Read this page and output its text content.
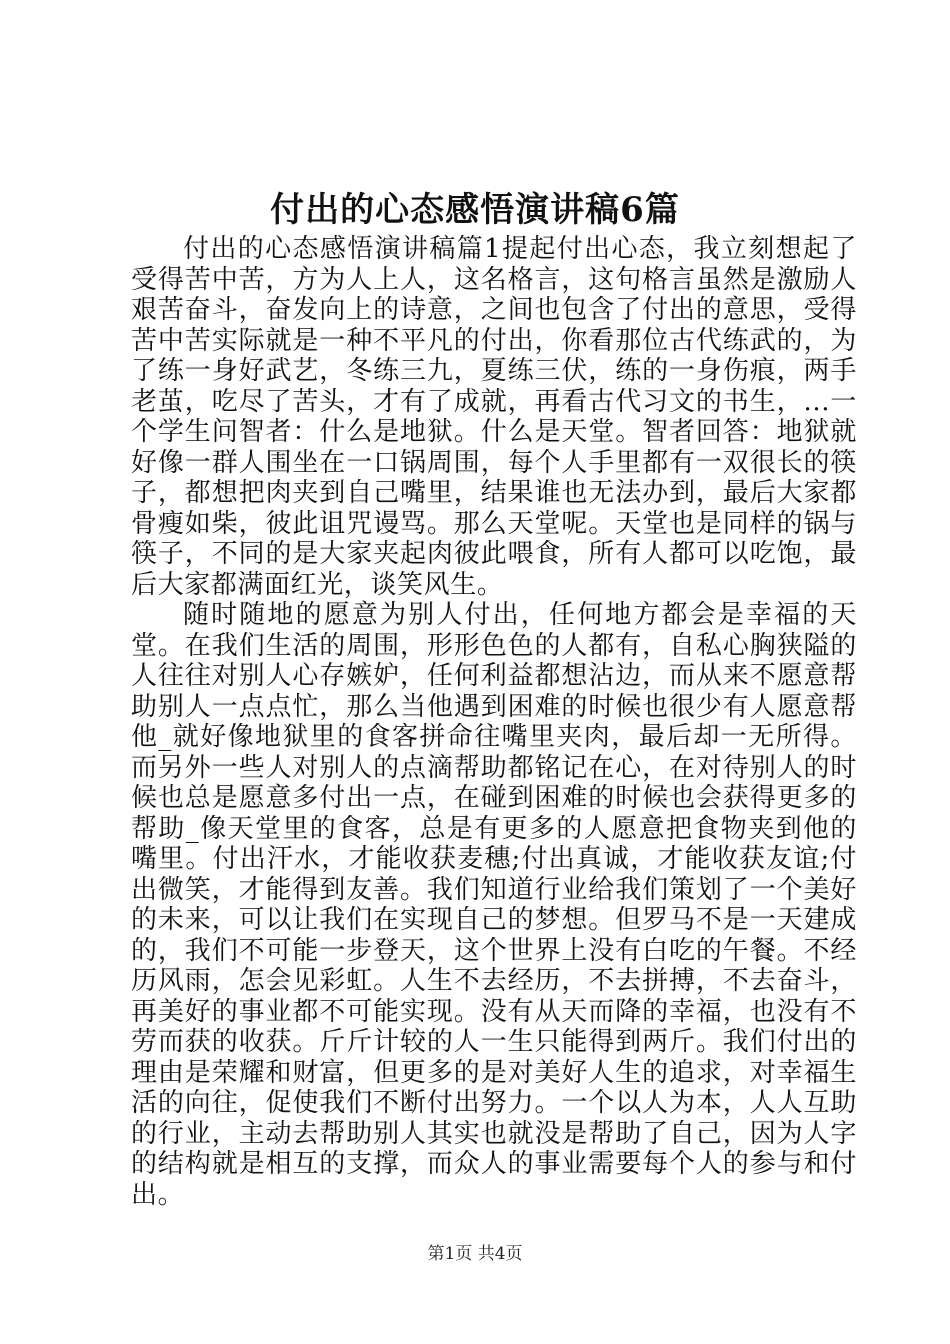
付出的心态感悟演讲稿6篇

付出的心态感悟演讲稿篇1提起付出心态，我立刻想起了受得苦中苦，方为人上人，这名格言，这句格言虽然是激励人艰苦奋斗，奋发向上的诗意，之间也包含了付出的意思，受得苦中苦实际就是一种不平凡的付出，你看那位古代练武的，为了练一身好武艺，冬练三九，夏练三伏，练的一身伤痕，两手老茧，吃尽了苦头，才有了成就，再看古代习文的书生，...一个学生问智者：什么是地狱。什么是天堂。智者回答：地狱就好像一群人围坐在一口锅周围，每个人手里都有一双很长的筷子，都想把肉夹到自己嘴里，结果谁也无法办到，最后大家都骨瘦如柴，彼此诅咒谩骂。那么天堂呢。天堂也是同样的锅与筷子，不同的是大家夹起肉彼此喂食，所有人都可以吃饱，最后大家都满面红光，谈笑风生。

随时随地的愿意为别人付出，任何地方都会是幸福的天堂。在我们生活的周围，形形色色的人都有，自私心胸狭隘的人往往对别人心存嫉妒，任何利益都想沾边，而从来不愿意帮助别人一点点忙，那么当他遇到困难的时候也很少有人愿意帮他_就好像地狱里的食客拼命往嘴里夹肉，最后却一无所得。而另外一些人对别人的点滴帮助都铭记在心，在对待别人的时候也总是愿意多付出一点，在碰到困难的时候也会获得更多的帮助_像天堂里的食客，总是有更多的人愿意把食物夹到他的嘴里。付出汗水，才能收获麦穗;付出真诚，才能收获友谊;付出微笑，才能得到友善。我们知道行业给我们策划了一个美好的未来，可以让我们在实现自己的梦想。但罗马不是一天建成的，我们不可能一步登天，这个世界上没有白吃的午餐。不经历风雨，怎会见彩虹。人生不去经历，不去拼搏，不去奋斗，再美好的事业都不可能实现。没有从天而降的幸福，也没有不劳而获的收获。斤斤计较的人一生只能得到两斤。我们付出的理由是荣耀和财富，但更多的是对美好人生的追求，对幸福生活的向往，促使我们不断付出努力。一个以人为本，人人互助的行业，主动去帮助别人其实也就没是帮助了自己，因为人字的结构就是相互的支撑，而众人的事业需要每个人的参与和付出。

第1页 共4页
